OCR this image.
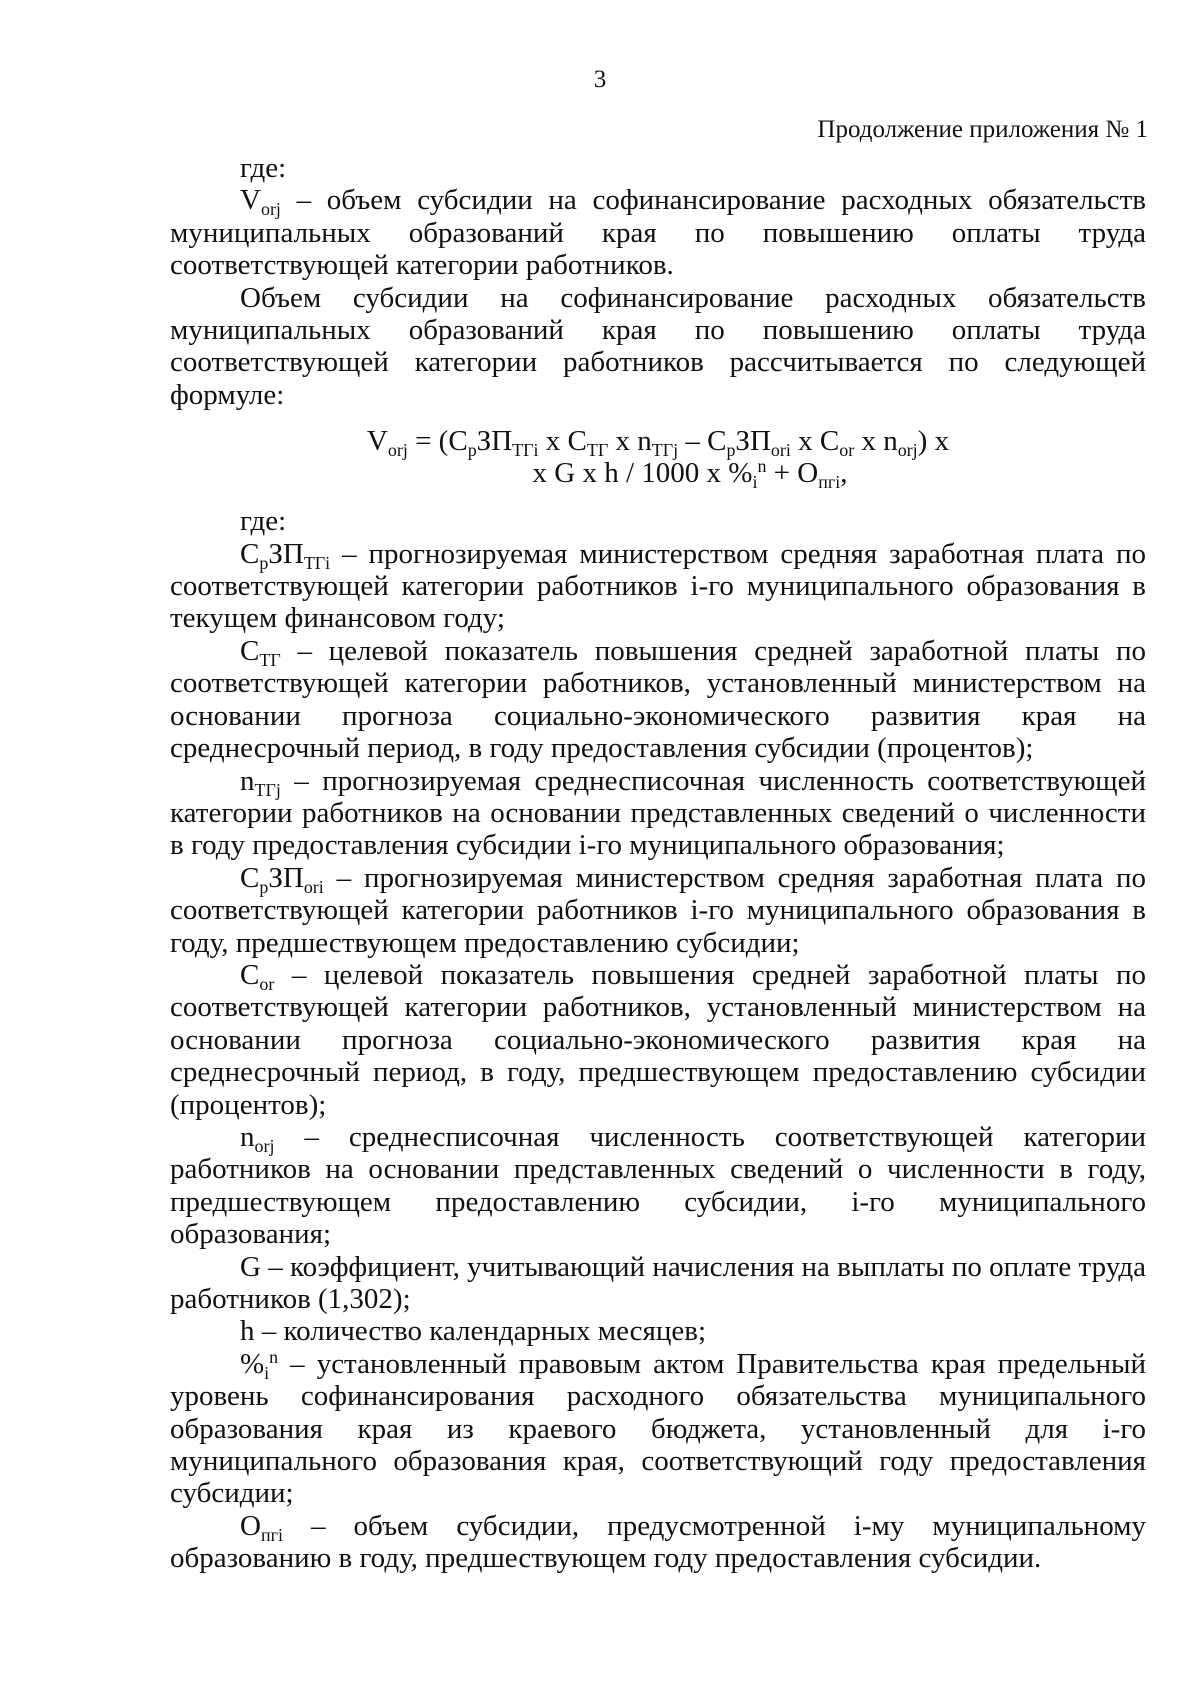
3
Продолжение приложения № 1

где:

$V_{orj}$ – объем субсидии на софинансирование расходных обязательств муниципальных образований края по повышению оплаты труда соответствующей категории работников.

Объем субсидии на софинансирование расходных обязательств муниципальных образований края по повышению оплаты труда соответствующей категории работников рассчитывается по следующей формуле:

$V_{orj} = (С_рЗП_{ТГi}$ х $С_{ТГ}$ х $n_{ТГj} - С_рЗП_{ori}$ х $С_{or}$ х $n_{orj}$) х
х G х h / 1000 х $\%_i^n + O_{пгi}$,

где:

$С_рЗП_{ТГi}$ – прогнозируемая министерством средняя заработная плата по соответствующей категории работников i-го муниципального образования в текущем финансовом году;

$С_{ТГ}$ – целевой показатель повышения средней заработной платы по соответствующей категории работников, установленный министерством на основании прогноза социально-экономического развития края на среднесрочный период, в году предоставления субсидии (процентов);

$n_{ТГj}$ – прогнозируемая среднесписочная численность соответствующей категории работников на основании представленных сведений о численности в году предоставления субсидии i-го муниципального образования;

$С_рЗП_{orі}$ – прогнозируемая министерством средняя заработная плата по соответствующей категории работников i-го муниципального образования в году, предшествующем предоставлению субсидии;

$С_{or}$ – целевой показатель повышения средней заработной платы по соответствующей категории работников, установленный министерством на основании прогноза социально-экономического развития края на среднесрочный период, в году, предшествующем предоставлению субсидии (процентов);

$n_{orj}$ – среднесписочная численность соответствующей категории работников на основании представленных сведений о численности в году, предшествующем предоставлению субсидии, i-го муниципального образования;

G – коэффициент, учитывающий начисления на выплаты по оплате труда работников (1,302);

h – количество календарных месяцев;

$\%_i^n$ – установленный правовым актом Правительства края предельный уровень софинансирования расходного обязательства муниципального образования края из краевого бюджета, установленный для i-го муниципального образования края, соответствующий году предоставления субсидии;

$O_{пгi}$ – объем субсидии, предусмотренной i-му муниципальному образованию в году, предшествующем году предоставления субсидии.
